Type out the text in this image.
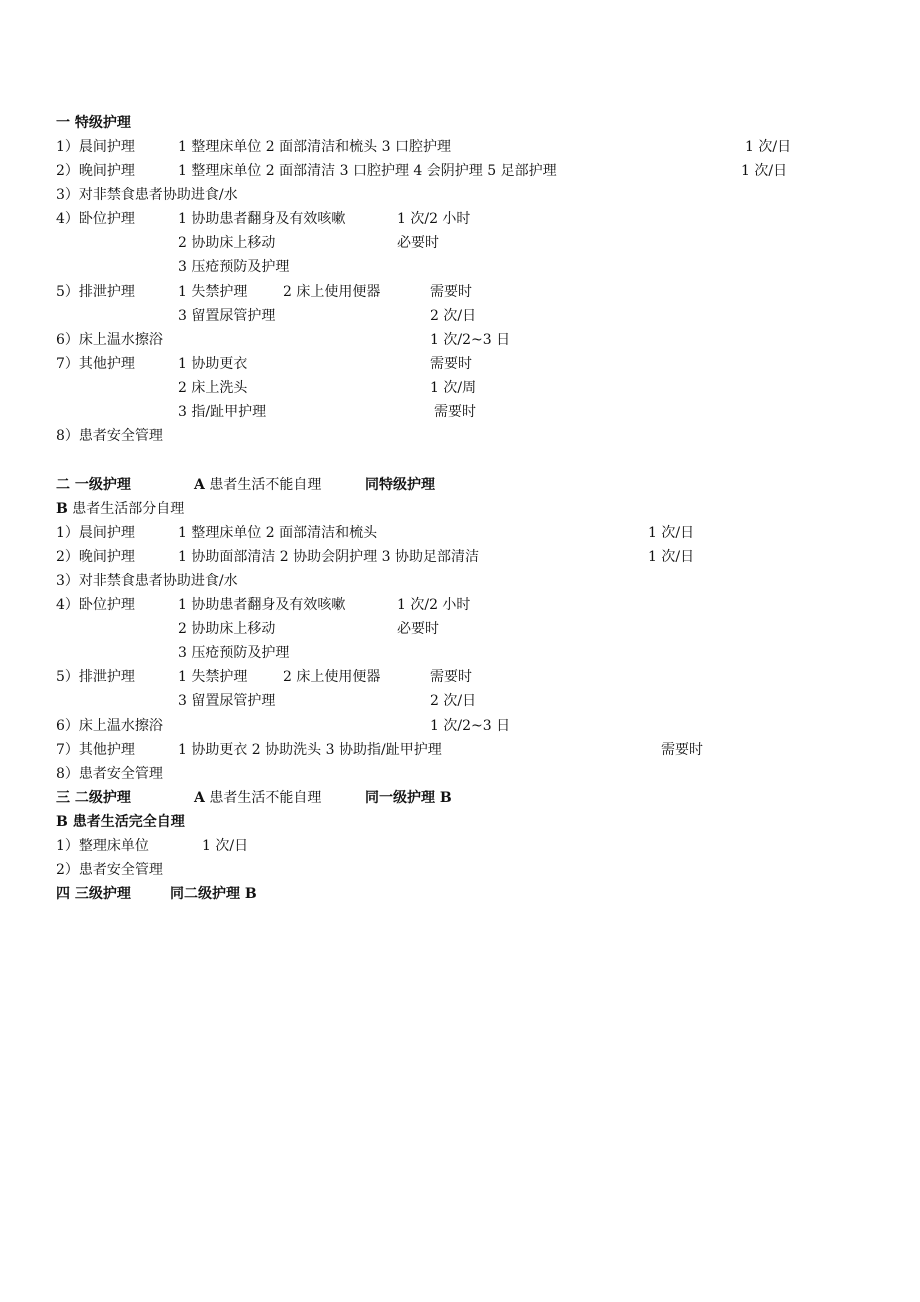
一 特级护理
1）晨间护理	1 整理床单位 2 面部清洁和梳头 3 口腔护理	1 次/日
2）晚间护理	1 整理床单位 2 面部清洁 3 口腔护理 4 会阴护理 5 足部护理	1 次/日
3）对非禁食患者协助进食/水
4）卧位护理	1 协助患者翻身及有效咳嗽	1 次/2 小时
2 协助床上移动	必要时
3 压疮预防及护理
5）排泄护理	1 失禁护理	2 床上使用便器	需要时
3 留置尿管护理	2 次/日
6）床上温水擦浴	1 次/2~3 日
7）其他护理	1 协助更衣	需要时
2 床上洗头	1 次/周
3 指/趾甲护理	需要时
8）患者安全管理
二 一级护理	A 患者生活不能自理	同特级护理
B 患者生活部分自理
1）晨间护理	1 整理床单位 2 面部清洁和梳头	1 次/日
2）晚间护理	1 协助面部清洁 2 协助会阴护理 3 协助足部清洁	1 次/日
3）对非禁食患者协助进食/水
4）卧位护理	1 协助患者翻身及有效咳嗽	1 次/2 小时
2 协助床上移动	必要时
3 压疮预防及护理
5）排泄护理	1 失禁护理	2 床上使用便器	需要时
3 留置尿管护理	2 次/日
6）床上温水擦浴	1 次/2~3 日
7）其他护理	1 协助更衣 2 协助洗头 3 协助指/趾甲护理	需要时
8）患者安全管理
三 二级护理	A 患者生活不能自理	同一级护理 B
B 患者生活完全自理
1）整理床单位	1 次/日
2）患者安全管理
四 三级护理	同二级护理 B
